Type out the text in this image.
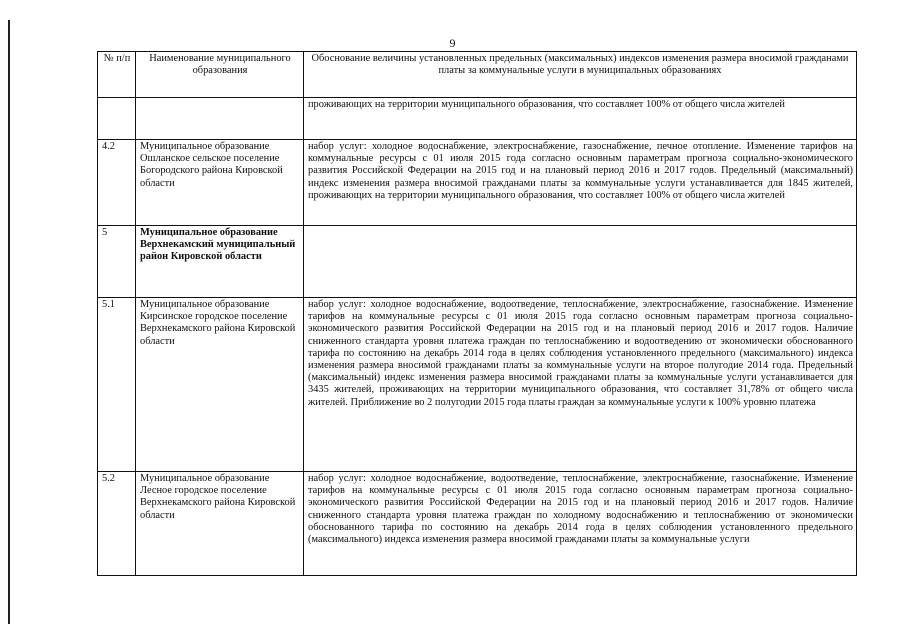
9
№ п/п	Наименование муниципального образования	Обоснование величины установленных предельных (максимальных) индексов изменения размера вносимой гражданами платы за коммунальные услуги в муниципальных образованиях
		проживающих на территории муниципального образования, что составляет 100% от общего числа жителей
4.2	Муниципальное образование Ошланское сельское поселение Богородского района Кировской области	набор услуг: холодное водоснабжение, электроснабжение, газоснабжение, печное отопление. Изменение тарифов на коммунальные ресурсы с 01 июля 2015 года согласно основным параметрам прогноза социально-экономического развития Российской Федерации на 2015 год и на плановый период 2016 и 2017 годов. Предельный (максимальный) индекс изменения размера вносимой гражданами платы за коммунальные услуги устанавливается для 1845 жителей, проживающих на территории муниципального образования, что составляет 100% от общего числа жителей
5	Муниципальное образование Верхнекамский муниципальный район Кировской области	
5.1	Муниципальное образование Кирсинское городское поселение Верхнекамского района Кировской области	набор услуг: холодное водоснабжение, водоотведение, теплоснабжение, электроснабжение, газоснабжение. Изменение тарифов на коммунальные ресурсы с 01 июля 2015 года согласно основным параметрам прогноза социально-экономического развития Российской Федерации на 2015 год и на плановый период 2016 и 2017 годов. Наличие сниженного стандарта уровня платежа граждан по теплоснабжению и водоотведению от экономически обоснованного тарифа по состоянию на декабрь 2014 года в целях соблюдения установленного предельного (максимального) индекса изменения размера вносимой гражданами платы за коммунальные услуги на второе полугодие 2014 года. Предельный (максимальный) индекс изменения размера вносимой гражданами платы за коммунальные услуги устанавливается для 3435 жителей, проживающих на территории муниципального образования, что составляет 31,78% от общего числа жителей. Приближение во 2 полугодии 2015 года платы граждан за коммунальные услуги к 100% уровню платежа
5.2	Муниципальное образование Лесное городское поселение Верхнекамского района Кировской области	набор услуг: холодное водоснабжение, водоотведение, теплоснабжение, электроснабжение, газоснабжение. Изменение тарифов на коммунальные ресурсы с 01 июля 2015 года согласно основным параметрам прогноза социально-экономического развития Российской Федерации на 2015 год и на плановый период 2016 и 2017 годов. Наличие сниженного стандарта уровня платежа граждан по холодному водоснабжению и теплоснабжению от экономически обоснованного тарифа по состоянию на декабрь 2014 года в целях соблюдения установленного предельного (максимального) индекса изменения размера вносимой гражданами платы за коммунальные услуги
